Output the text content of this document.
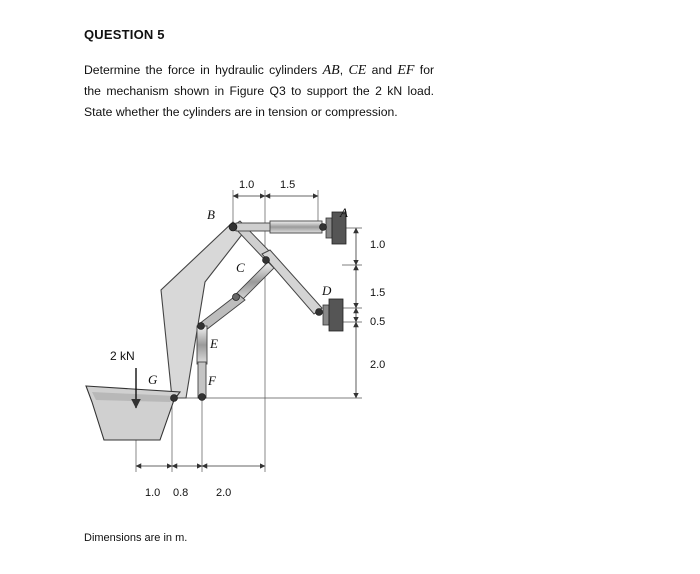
QUESTION 5
Determine the force in hydraulic cylinders AB, CE and EF for the mechanism shown in Figure Q3 to support the 2 kN load. State whether the cylinders are in tension or compression.
A
B
C
D
E
F
G
2 kN
1.0 1.5
1.0
1.5
0.5
2.0
1.0 0.8	2.0
Dimensions are in m.
